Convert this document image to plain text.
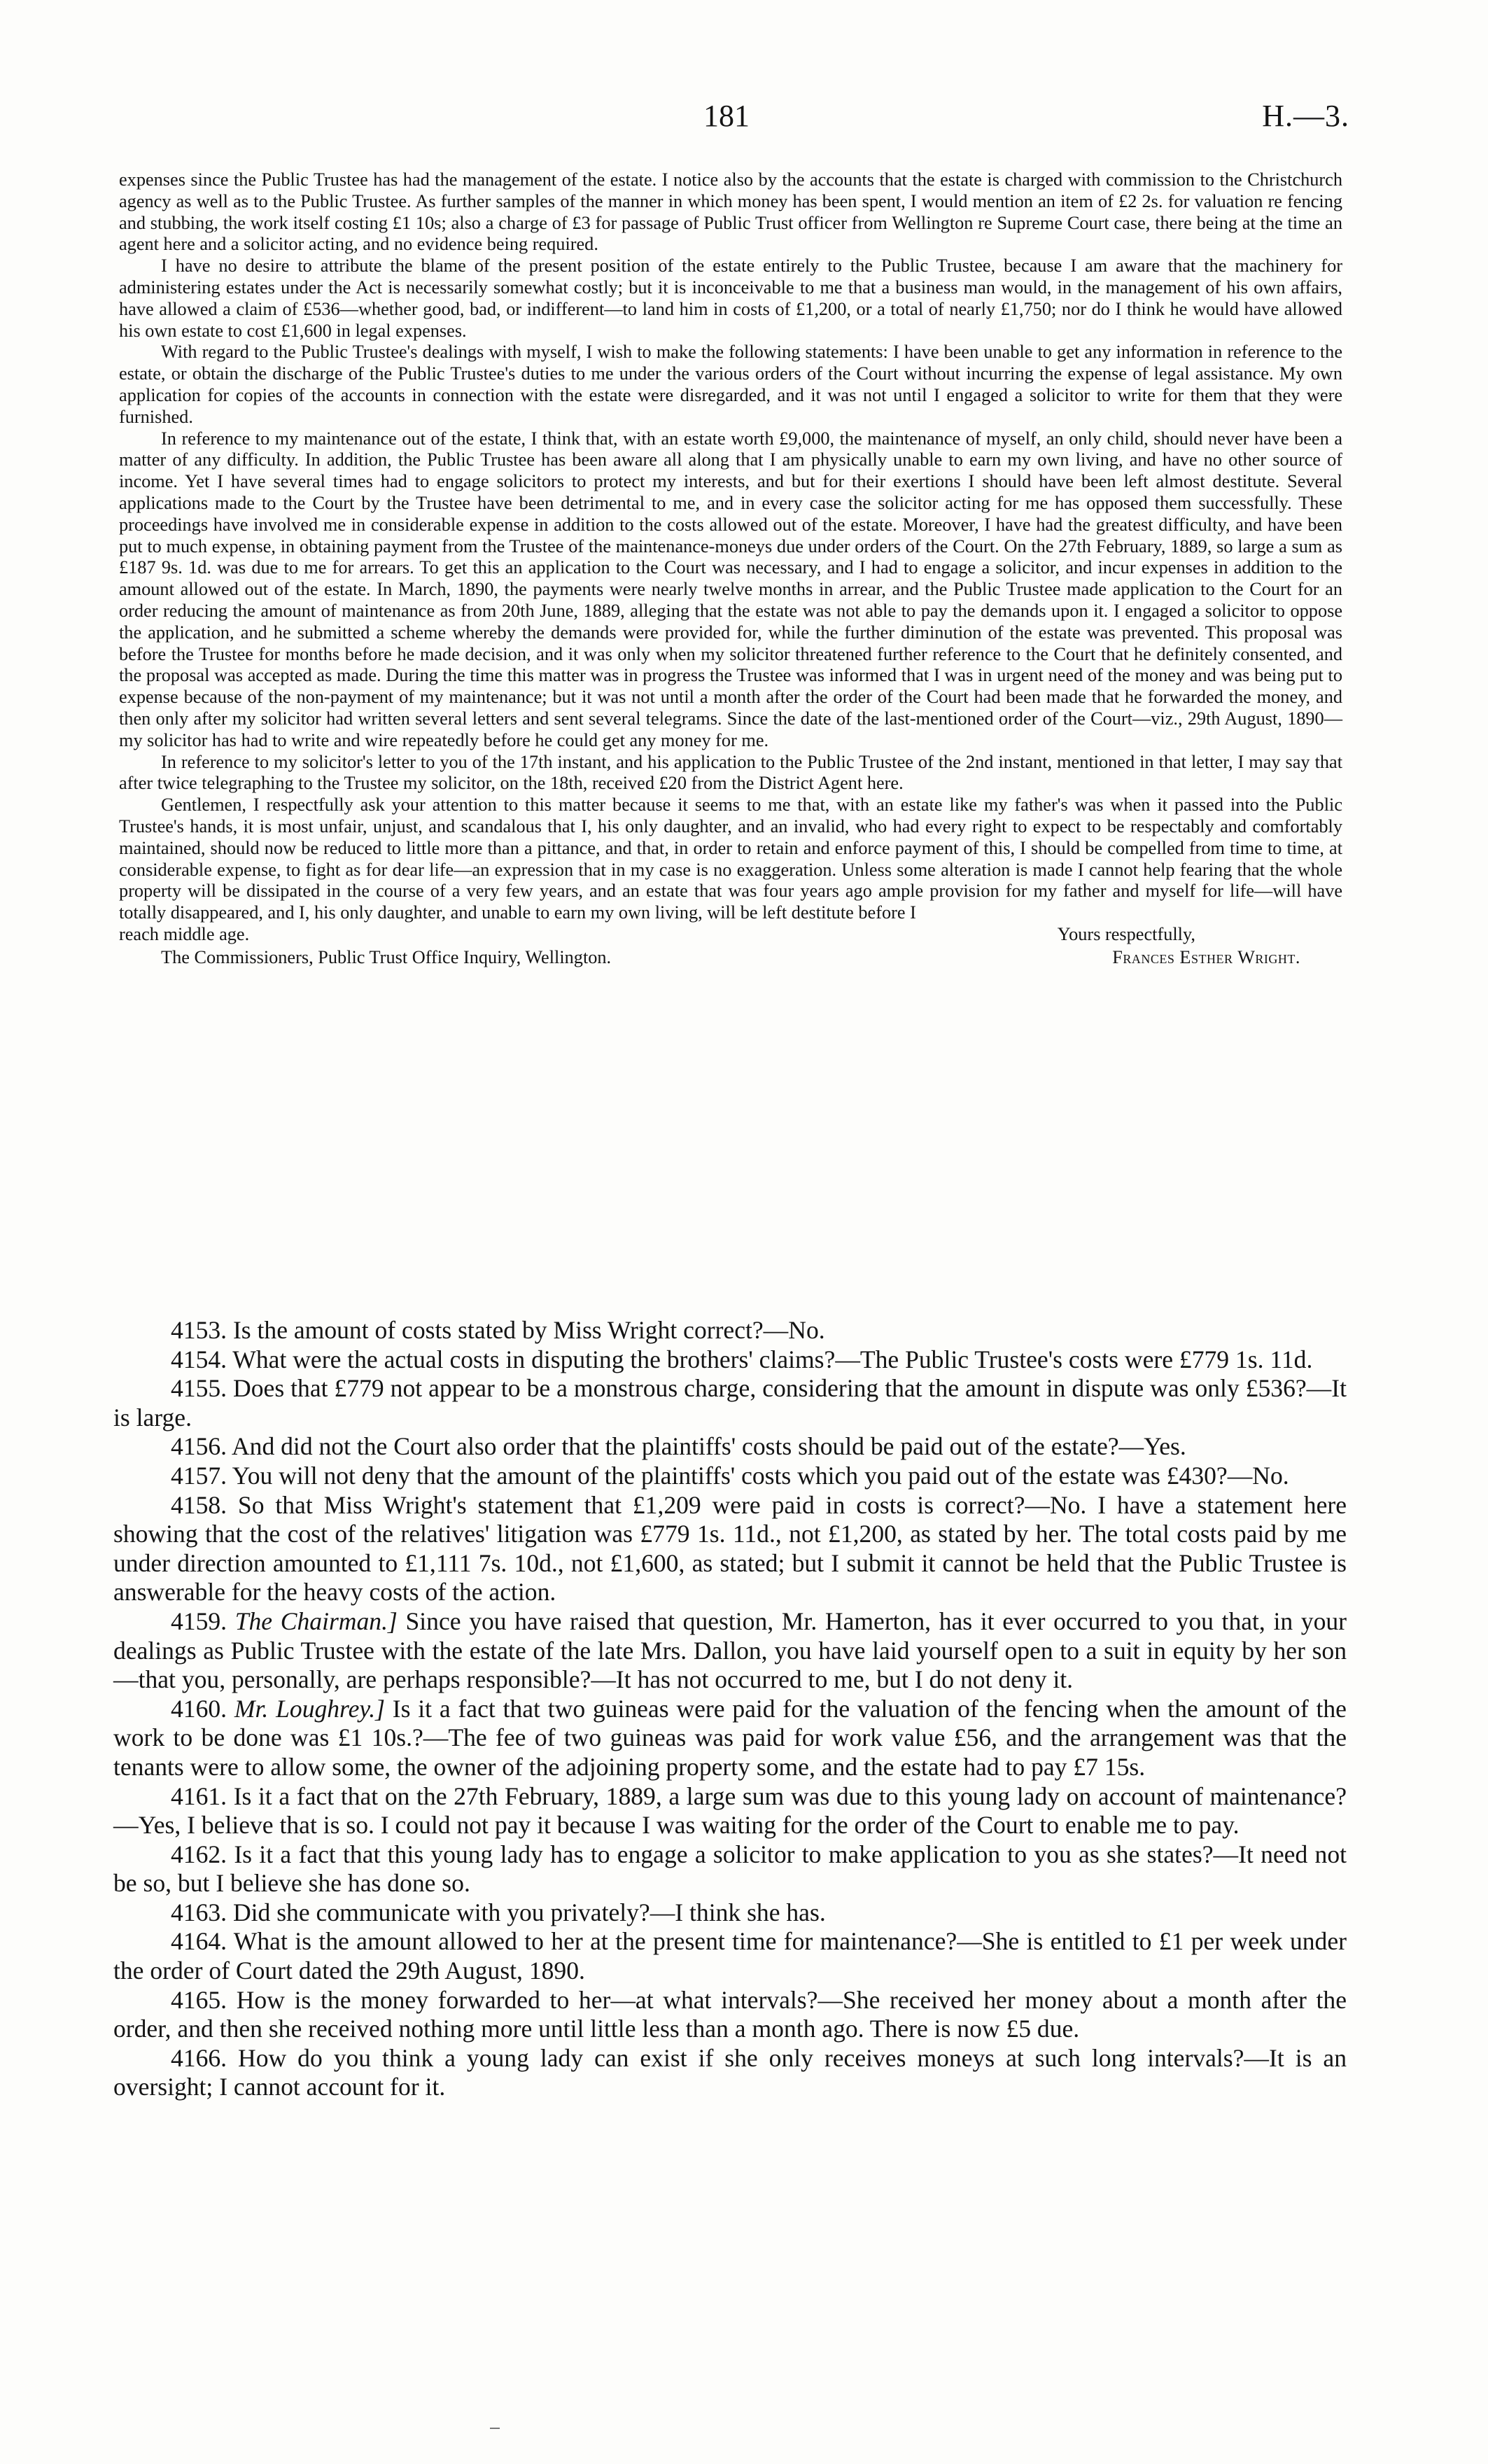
181	H.—3.

expenses since the Public Trustee has had the management of the estate. I notice also by the accounts that the estate is charged with commission to the Christchurch agency as well as to the Public Trustee. As further samples of the manner in which money has been spent, I would mention an item of £2 2s. for valuation re fencing and stubbing, the work itself costing £1 10s; also a charge of £3 for passage of Public Trust officer from Wellington re Supreme Court case, there being at the time an agent here and a solicitor acting, and no evidence being required.

I have no desire to attribute the blame of the present position of the estate entirely to the Public Trustee, because I am aware that the machinery for administering estates under the Act is necessarily somewhat costly; but it is inconceivable to me that a business man would, in the management of his own affairs, have allowed a claim of £536—whether good, bad, or indifferent—to land him in costs of £1,200, or a total of nearly £1,750; nor do I think he would have allowed his own estate to cost £1,600 in legal expenses.

With regard to the Public Trustee's dealings with myself, I wish to make the following statements: I have been unable to get any information in reference to the estate, or obtain the discharge of the Public Trustee's duties to me under the various orders of the Court without incurring the expense of legal assistance. My own application for copies of the accounts in connection with the estate were disregarded, and it was not until I engaged a solicitor to write for them that they were furnished.

In reference to my maintenance out of the estate, I think that, with an estate worth £9,000, the maintenance of myself, an only child, should never have been a matter of any difficulty. In addition, the Public Trustee has been aware all along that I am physically unable to earn my own living, and have no other source of income. Yet I have several times had to engage solicitors to protect my interests, and but for their exertions I should have been left almost destitute. Several applications made to the Court by the Trustee have been detrimental to me, and in every case the solicitor acting for me has opposed them successfully. These proceedings have involved me in considerable expense in addition to the costs allowed out of the estate. Moreover, I have had the greatest difficulty, and have been put to much expense, in obtaining payment from the Trustee of the maintenance-moneys due under orders of the Court. On the 27th February, 1889, so large a sum as £187 9s. 1d. was due to me for arrears. To get this an application to the Court was necessary, and I had to engage a solicitor, and incur expenses in addition to the amount allowed out of the estate. In March, 1890, the payments were nearly twelve months in arrear, and the Public Trustee made application to the Court for an order reducing the amount of maintenance as from 20th June, 1889, alleging that the estate was not able to pay the demands upon it. I engaged a solicitor to oppose the application, and he submitted a scheme whereby the demands were provided for, while the further diminution of the estate was prevented. This proposal was before the Trustee for months before he made decision, and it was only when my solicitor threatened further reference to the Court that he definitely consented, and the proposal was accepted as made. During the time this matter was in progress the Trustee was informed that I was in urgent need of the money and was being put to expense because of the non-payment of my maintenance; but it was not until a month after the order of the Court had been made that he forwarded the money, and then only after my solicitor had written several letters and sent several telegrams. Since the date of the last-mentioned order of the Court—viz., 29th August, 1890—my solicitor has had to write and wire repeatedly before he could get any money for me.

In reference to my solicitor's letter to you of the 17th instant, and his application to the Public Trustee of the 2nd instant, mentioned in that letter, I may say that after twice telegraphing to the Trustee my solicitor, on the 18th, received £20 from the District Agent here.

Gentlemen, I respectfully ask your attention to this matter because it seems to me that, with an estate like my father's was when it passed into the Public Trustee's hands, it is most unfair, unjust, and scandalous that I, his only daughter, and an invalid, who had every right to expect to be respectably and comfortably maintained, should now be reduced to little more than a pittance, and that, in order to retain and enforce payment of this, I should be compelled from time to time, at considerable expense, to fight as for dear life—an expression that in my case is no exaggeration. Unless some alteration is made I cannot help fearing that the whole property will be dissipated in the course of a very few years, and an estate that was four years ago ample provision for my father and myself for life—will have totally disappeared, and I, his only daughter, and unable to earn my own living, will be left destitute before I

reach middle age.	Yours respectfully,
The Commissioners, Public Trust Office Inquiry, Wellington.	Frances Esther Wright.

4153. Is the amount of costs stated by Miss Wright correct?—No.

4154. What were the actual costs in disputing the brothers' claims?—The Public Trustee's costs were £779 1s. 11d.

4155. Does that £779 not appear to be a monstrous charge, considering that the amount in dispute was only £536?—It is large.

4156. And did not the Court also order that the plaintiffs' costs should be paid out of the estate?—Yes.

4157. You will not deny that the amount of the plaintiffs' costs which you paid out of the estate was £430?—No.

4158. So that Miss Wright's statement that £1,209 were paid in costs is correct?—No. I have a statement here showing that the cost of the relatives' litigation was £779 1s. 11d., not £1,200, as stated by her. The total costs paid by me under direction amounted to £1,111 7s. 10d., not £1,600, as stated; but I submit it cannot be held that the Public Trustee is answerable for the heavy costs of the action.

4159. The Chairman.] Since you have raised that question, Mr. Hamerton, has it ever occurred to you that, in your dealings as Public Trustee with the estate of the late Mrs. Dallon, you have laid yourself open to a suit in equity by her son—that you, personally, are perhaps responsible?—It has not occurred to me, but I do not deny it.

4160. Mr. Loughrey.] Is it a fact that two guineas were paid for the valuation of the fencing when the amount of the work to be done was £1 10s.?—The fee of two guineas was paid for work value £56, and the arrangement was that the tenants were to allow some, the owner of the adjoining property some, and the estate had to pay £7 15s.

4161. Is it a fact that on the 27th February, 1889, a large sum was due to this young lady on account of maintenance?—Yes, I believe that is so. I could not pay it because I was waiting for the order of the Court to enable me to pay.

4162. Is it a fact that this young lady has to engage a solicitor to make application to you as she states?—It need not be so, but I believe she has done so.

4163. Did she communicate with you privately?—I think she has.

4164. What is the amount allowed to her at the present time for maintenance?—She is entitled to £1 per week under the order of Court dated the 29th August, 1890.

4165. How is the money forwarded to her—at what intervals?—She received her money about a month after the order, and then she received nothing more until little less than a month ago. There is now £5 due.

4166. How do you think a young lady can exist if she only receives moneys at such long intervals?—It is an oversight; I cannot account for it.
